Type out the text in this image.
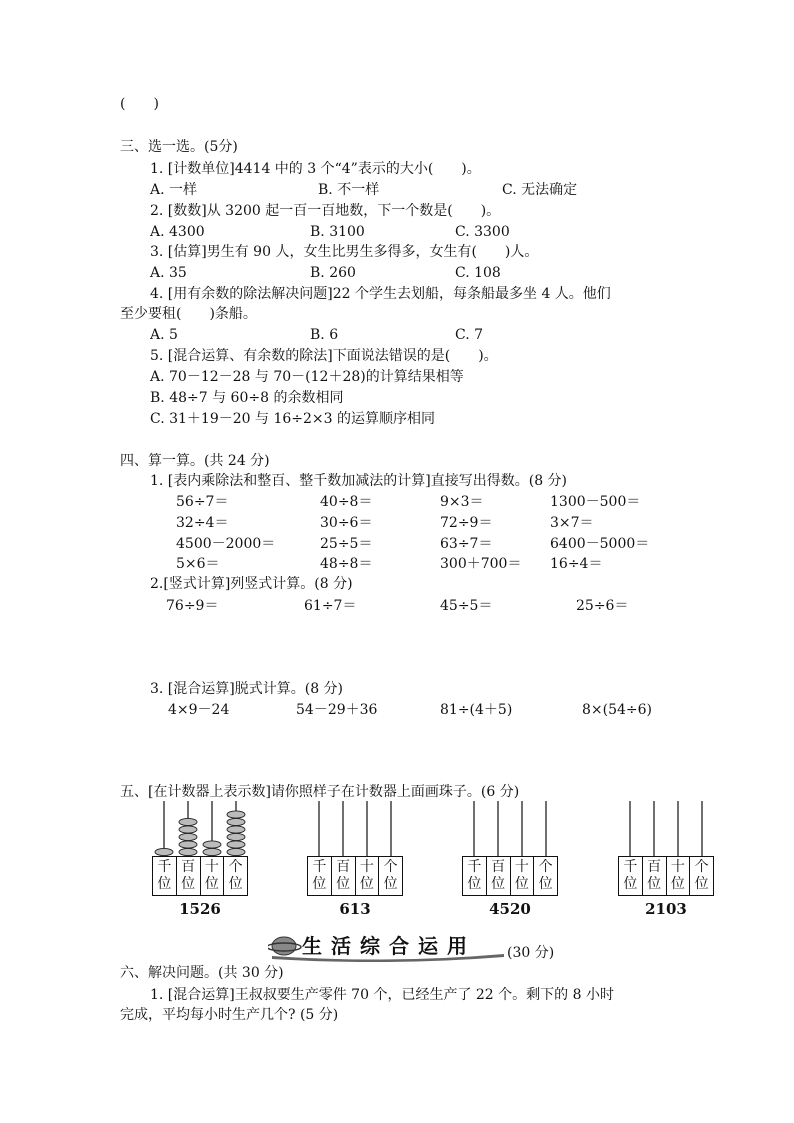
(　　)
三、选一选。(5分)
1. [计数单位]4414 中的 3 个“4”表示的大小(　　)。
A. 一样	B. 不一样	C. 无法确定
2. [数数]从 3200 起一百一百地数，下一个数是(　　)。
A. 4300	B. 3100	C. 3300
3. [估算]男生有 90 人，女生比男生多得多，女生有(　　)人。
A. 35	B. 260	C. 108
4. [用有余数的除法解决问题]22 个学生去划船，每条船最多坐 4 人。他们
至少要租(　　)条船。
A. 5	B. 6	C. 7
5. [混合运算、有余数的除法]下面说法错误的是(　　)。
A. 70－12－28 与 70－(12＋28)的计算结果相等
B. 48÷7 与 60÷8 的余数相同
C. 31＋19－20 与 16÷2×3 的运算顺序相同
四、算一算。(共 24 分)
1. [表内乘除法和整百、整千数加减法的计算]直接写出得数。(8 分)
56÷7＝	40÷8＝	9×3＝	1300－500＝
32÷4＝	30÷6＝	72÷9＝	3×7＝
4500－2000＝	25÷5＝	63÷7＝	6400－5000＝
5×6＝	48÷8＝	300＋700＝ 16÷4＝
2.[竖式计算]列竖式计算。(8 分)
76÷9＝	61÷7＝	45÷5＝	25÷6＝
3. [混合运算]脱式计算。(8 分)
4×9－24	54－29＋36	81÷(4＋5)	8×(54÷6)
五、[在计数器上表示数]请你照样子在计数器上面画珠子。(6 分)
千
位
百
位
十
位
个
位
1526
千
位
百
位
十
位
个
位
613
千
位
百
位
十
位
个
位
4520
千
位
百
位
十
位
个
位
2103
生活综合运用 (30 分)
六、解决问题。(共 30 分)
1. [混合运算]王叔叔要生产零件 70 个，已经生产了 22 个。剩下的 8 小时
完成，平均每小时生产几个? (5 分)
